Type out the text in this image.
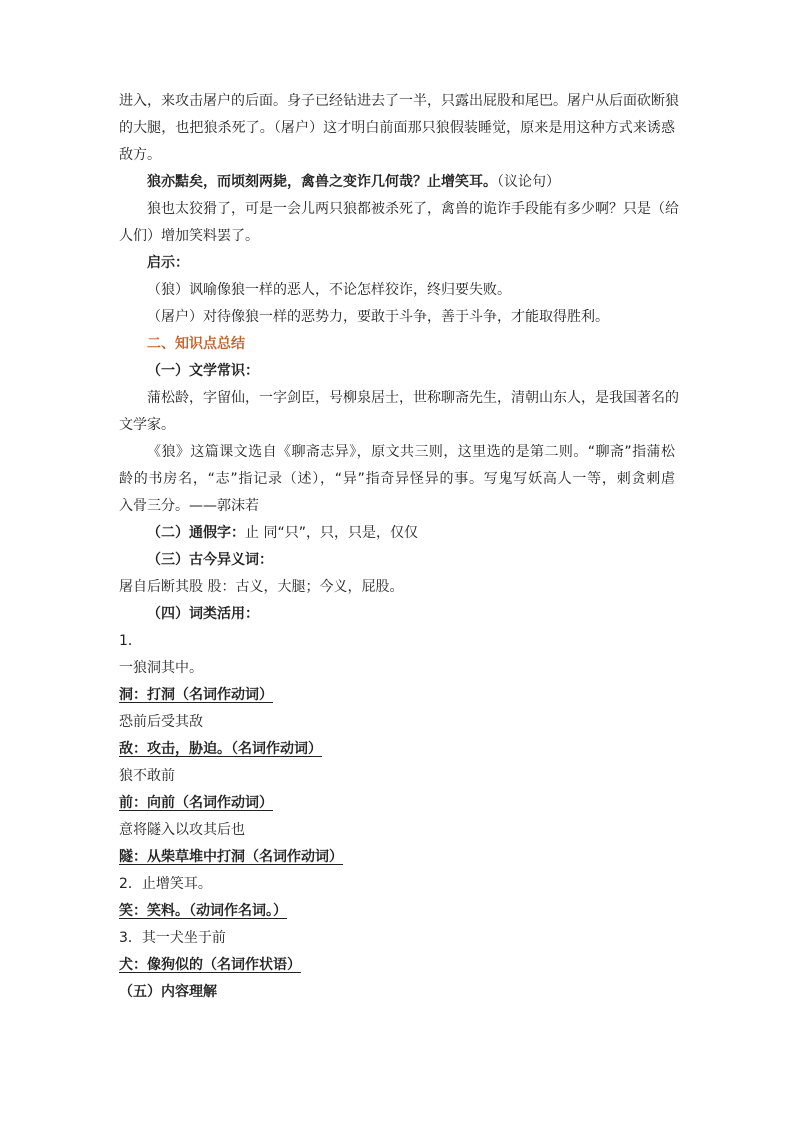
进入，来攻击屠户的后面。身子已经钻进去了一半，只露出屁股和尾巴。屠户从后面砍断狼
的大腿，也把狼杀死了。（屠户）这才明白前面那只狼假装睡觉，原来是用这种方式来诱惑
敌方。
狼亦黠矣，而顷刻两毙，禽兽之变诈几何哉？止增笑耳。（议论句）
狼也太狡猾了，可是一会儿两只狼都被杀死了，禽兽的诡诈手段能有多少啊？只是（给
人们）增加笑料罢了。
启示：
（狼）讽喻像狼一样的恶人，不论怎样狡诈，终归要失败。
（屠户）对待像狼一样的恶势力，要敢于斗争，善于斗争，才能取得胜利。
二、知识点总结
（一）文学常识：
蒲松龄，字留仙，一字剑臣，号柳泉居士，世称聊斋先生，清朝山东人，是我国著名的
文学家。
《狼》这篇课文选自《聊斋志异》，原文共三则，这里选的是第二则。“聊斋”指蒲松
龄的书房名，“志”指记录（述），“异”指奇异怪异的事。写鬼写妖高人一等，刺贪刺虐
入骨三分。——郭沫若
（二）通假字：止 同“只”，只，只是，仅仅
（三）古今异义词：
屠自后断其股 股：古义，大腿；今义，屁股。
（四）词类活用：
1．
一狼洞其中。
洞：打洞（名词作动词）
恐前后受其敌
敌：攻击，胁迫。（名词作动词）
狼不敢前
前：向前（名词作动词）
意将隧入以攻其后也
隧：从柴草堆中打洞（名词作动词）
2．止增笑耳。
笑：笑料。（动词作名词。）
3．其一犬坐于前
犬：像狗似的（名词作状语）
（五）内容理解
